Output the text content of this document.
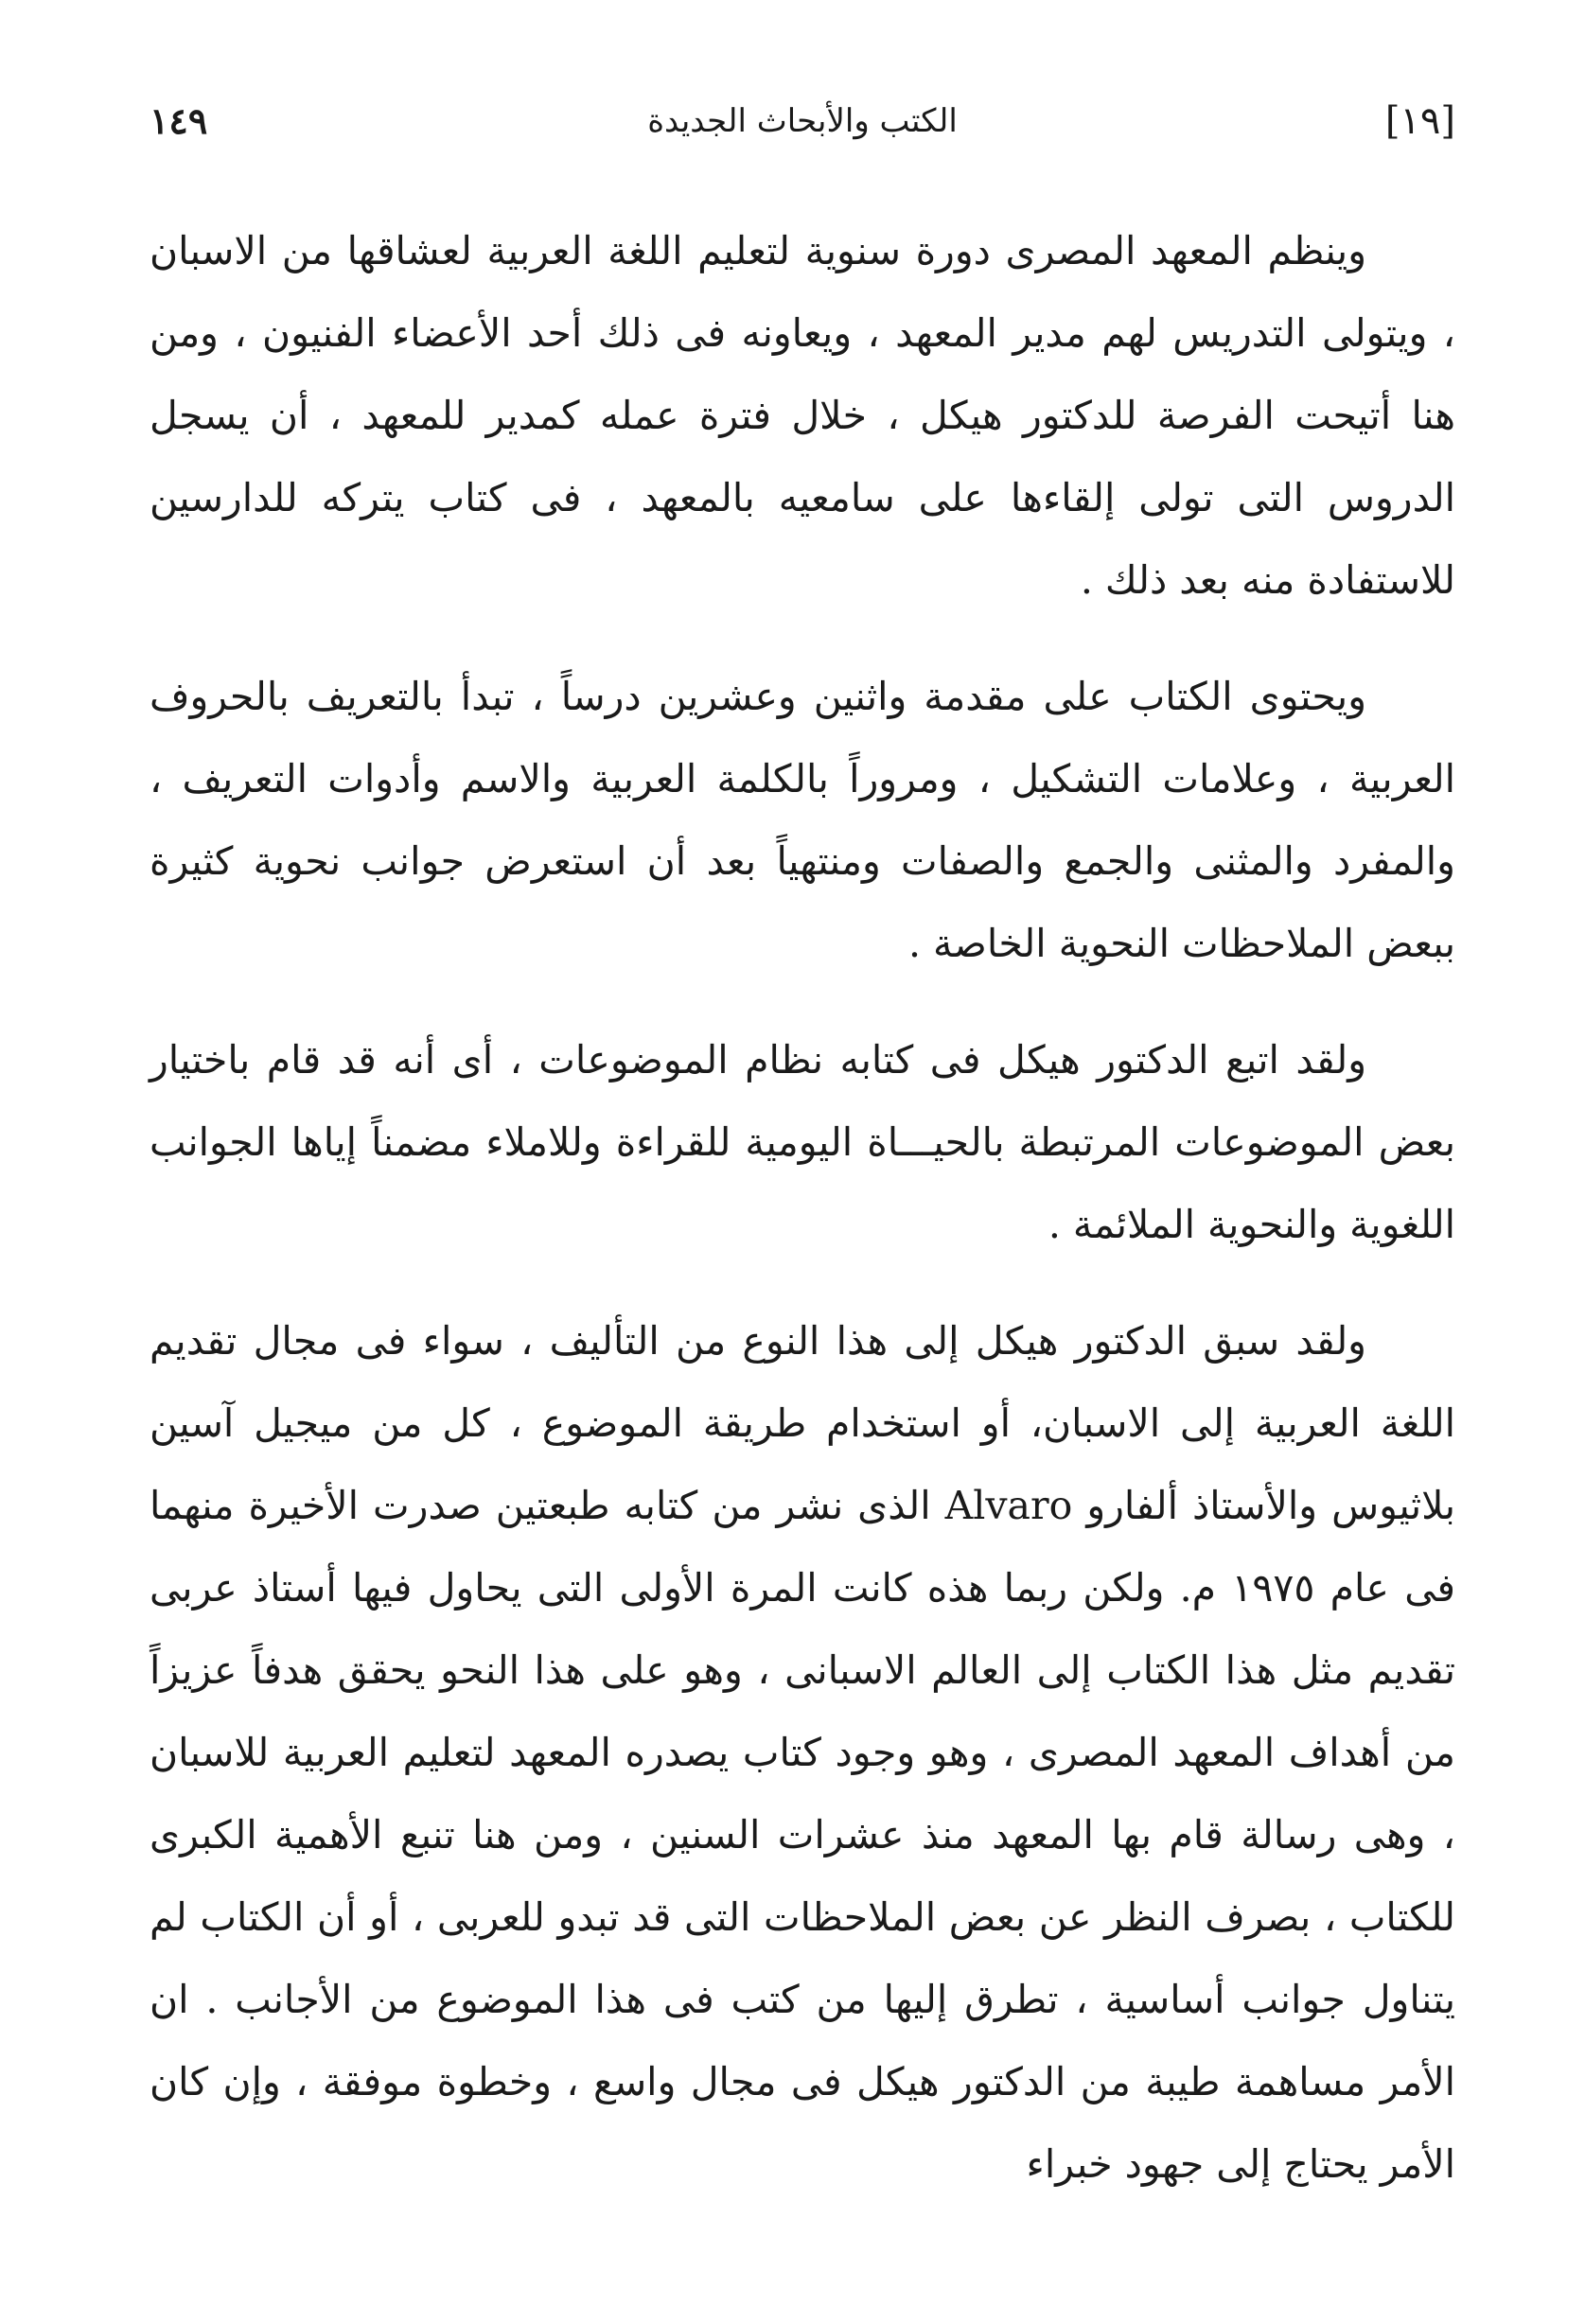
[١٩]
الكتب والأبحاث الجديدة
١٤٩

وينظم المعهد المصرى دورة سنوية لتعليم اللغة العربية لعشاقها من الاسبان ، ويتولى التدريس لهم مدير المعهد ، ويعاونه فى ذلك أحد الأعضاء الفنيون ، ومن هنا أتيحت الفرصة للدكتور هيكل ، خلال فترة عمله كمدير للمعهد ، أن يسجل الدروس التى تولى إلقاءها على سامعيه بالمعهد ، فى كتاب يتركه للدارسين للاستفادة منه بعد ذلك .

ويحتوى الكتاب على مقدمة واثنين وعشرين درساً ، تبدأ بالتعريف بالحروف العربية ، وعلامات التشكيل ، ومروراً بالكلمة العربية والاسم وأدوات التعريف ، والمفرد والمثنى والجمع والصفات ومنتهياً بعد أن استعرض جوانب نحوية كثيرة ببعض الملاحظات النحوية الخاصة .

ولقد اتبع الدكتور هيكل فى كتابه نظام الموضوعات ، أى أنه قد قام باختيار بعض الموضوعات المرتبطة بالحيـــاة اليومية للقراءة وللاملاء مضمناً إياها الجوانب اللغوية والنحوية الملائمة .

ولقد سبق الدكتور هيكل إلى هذا النوع من التأليف ، سواء فى مجال تقديم اللغة العربية إلى الاسبان، أو استخدام طريقة الموضوع ، كل من ميجيل آسين بلاثيوس والأستاذ ألفارو Alvaro الذى نشر من كتابه طبعتين صدرت الأخيرة منهما فى عام ١٩٧٥ م. ولكن ربما هذه كانت المرة الأولى التى يحاول فيها أستاذ عربى تقديم مثل هذا الكتاب إلى العالم الاسبانى ، وهو على هذا النحو يحقق هدفاً عزيزاً من أهداف المعهد المصرى ، وهو وجود كتاب يصدره المعهد لتعليم العربية للاسبان ، وهى رسالة قام بها المعهد منذ عشرات السنين ، ومن هنا تنبع الأهمية الكبرى للكتاب ، بصرف النظر عن بعض الملاحظات التى قد تبدو للعربى ، أو أن الكتاب لم يتناول جوانب أساسية ، تطرق إليها من كتب فى هذا الموضوع من الأجانب . ان الأمر مساهمة طيبة من الدكتور هيكل فى مجال واسع ، وخطوة موفقة ، وإن كان الأمر يحتاج إلى جهود خبراء
